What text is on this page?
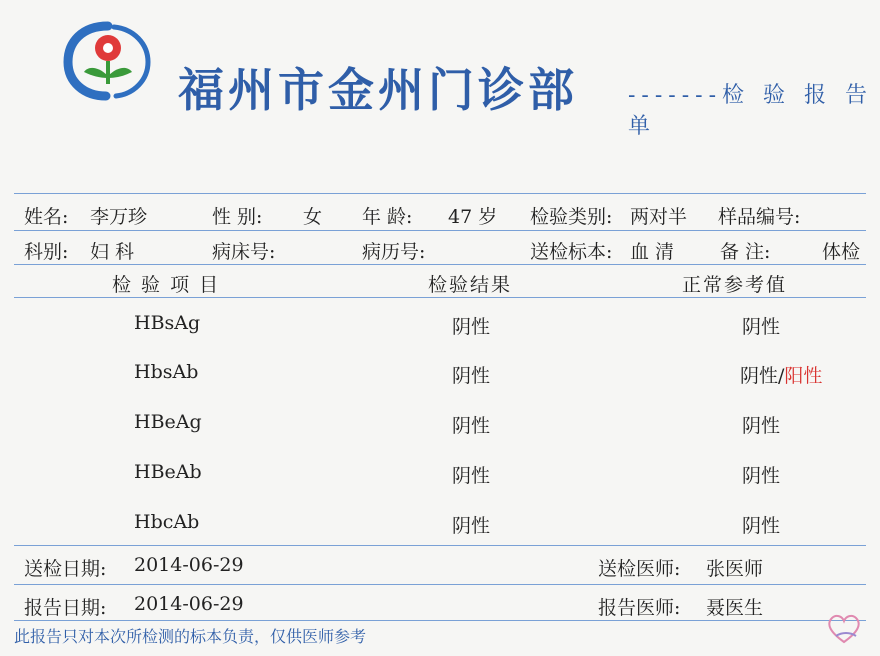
福州市金州门诊部 -------检 验 报 告 单
姓名: 李万珍	性 别: 女 年 龄: 47 岁 检验类别: 两对半 样品编号:
科别: 妇 科	病床号:	病历号:	送检标本: 血 清 备 注:	体检
检 验 项 目	检验结果	正常参考值
HBsAg	阴性	阴性
HbsAb	阴性	阴性/阳性
HBeAg	阴性	阴性
HBeAb	阴性	阴性
HbcAb	阴性	阴性
送检日期: 2014-06-29	送检医师: 张医师
报告日期: 2014-06-29	报告医师: 聂医生
此报告只对本次所检测的标本负责，仅供医师参考
